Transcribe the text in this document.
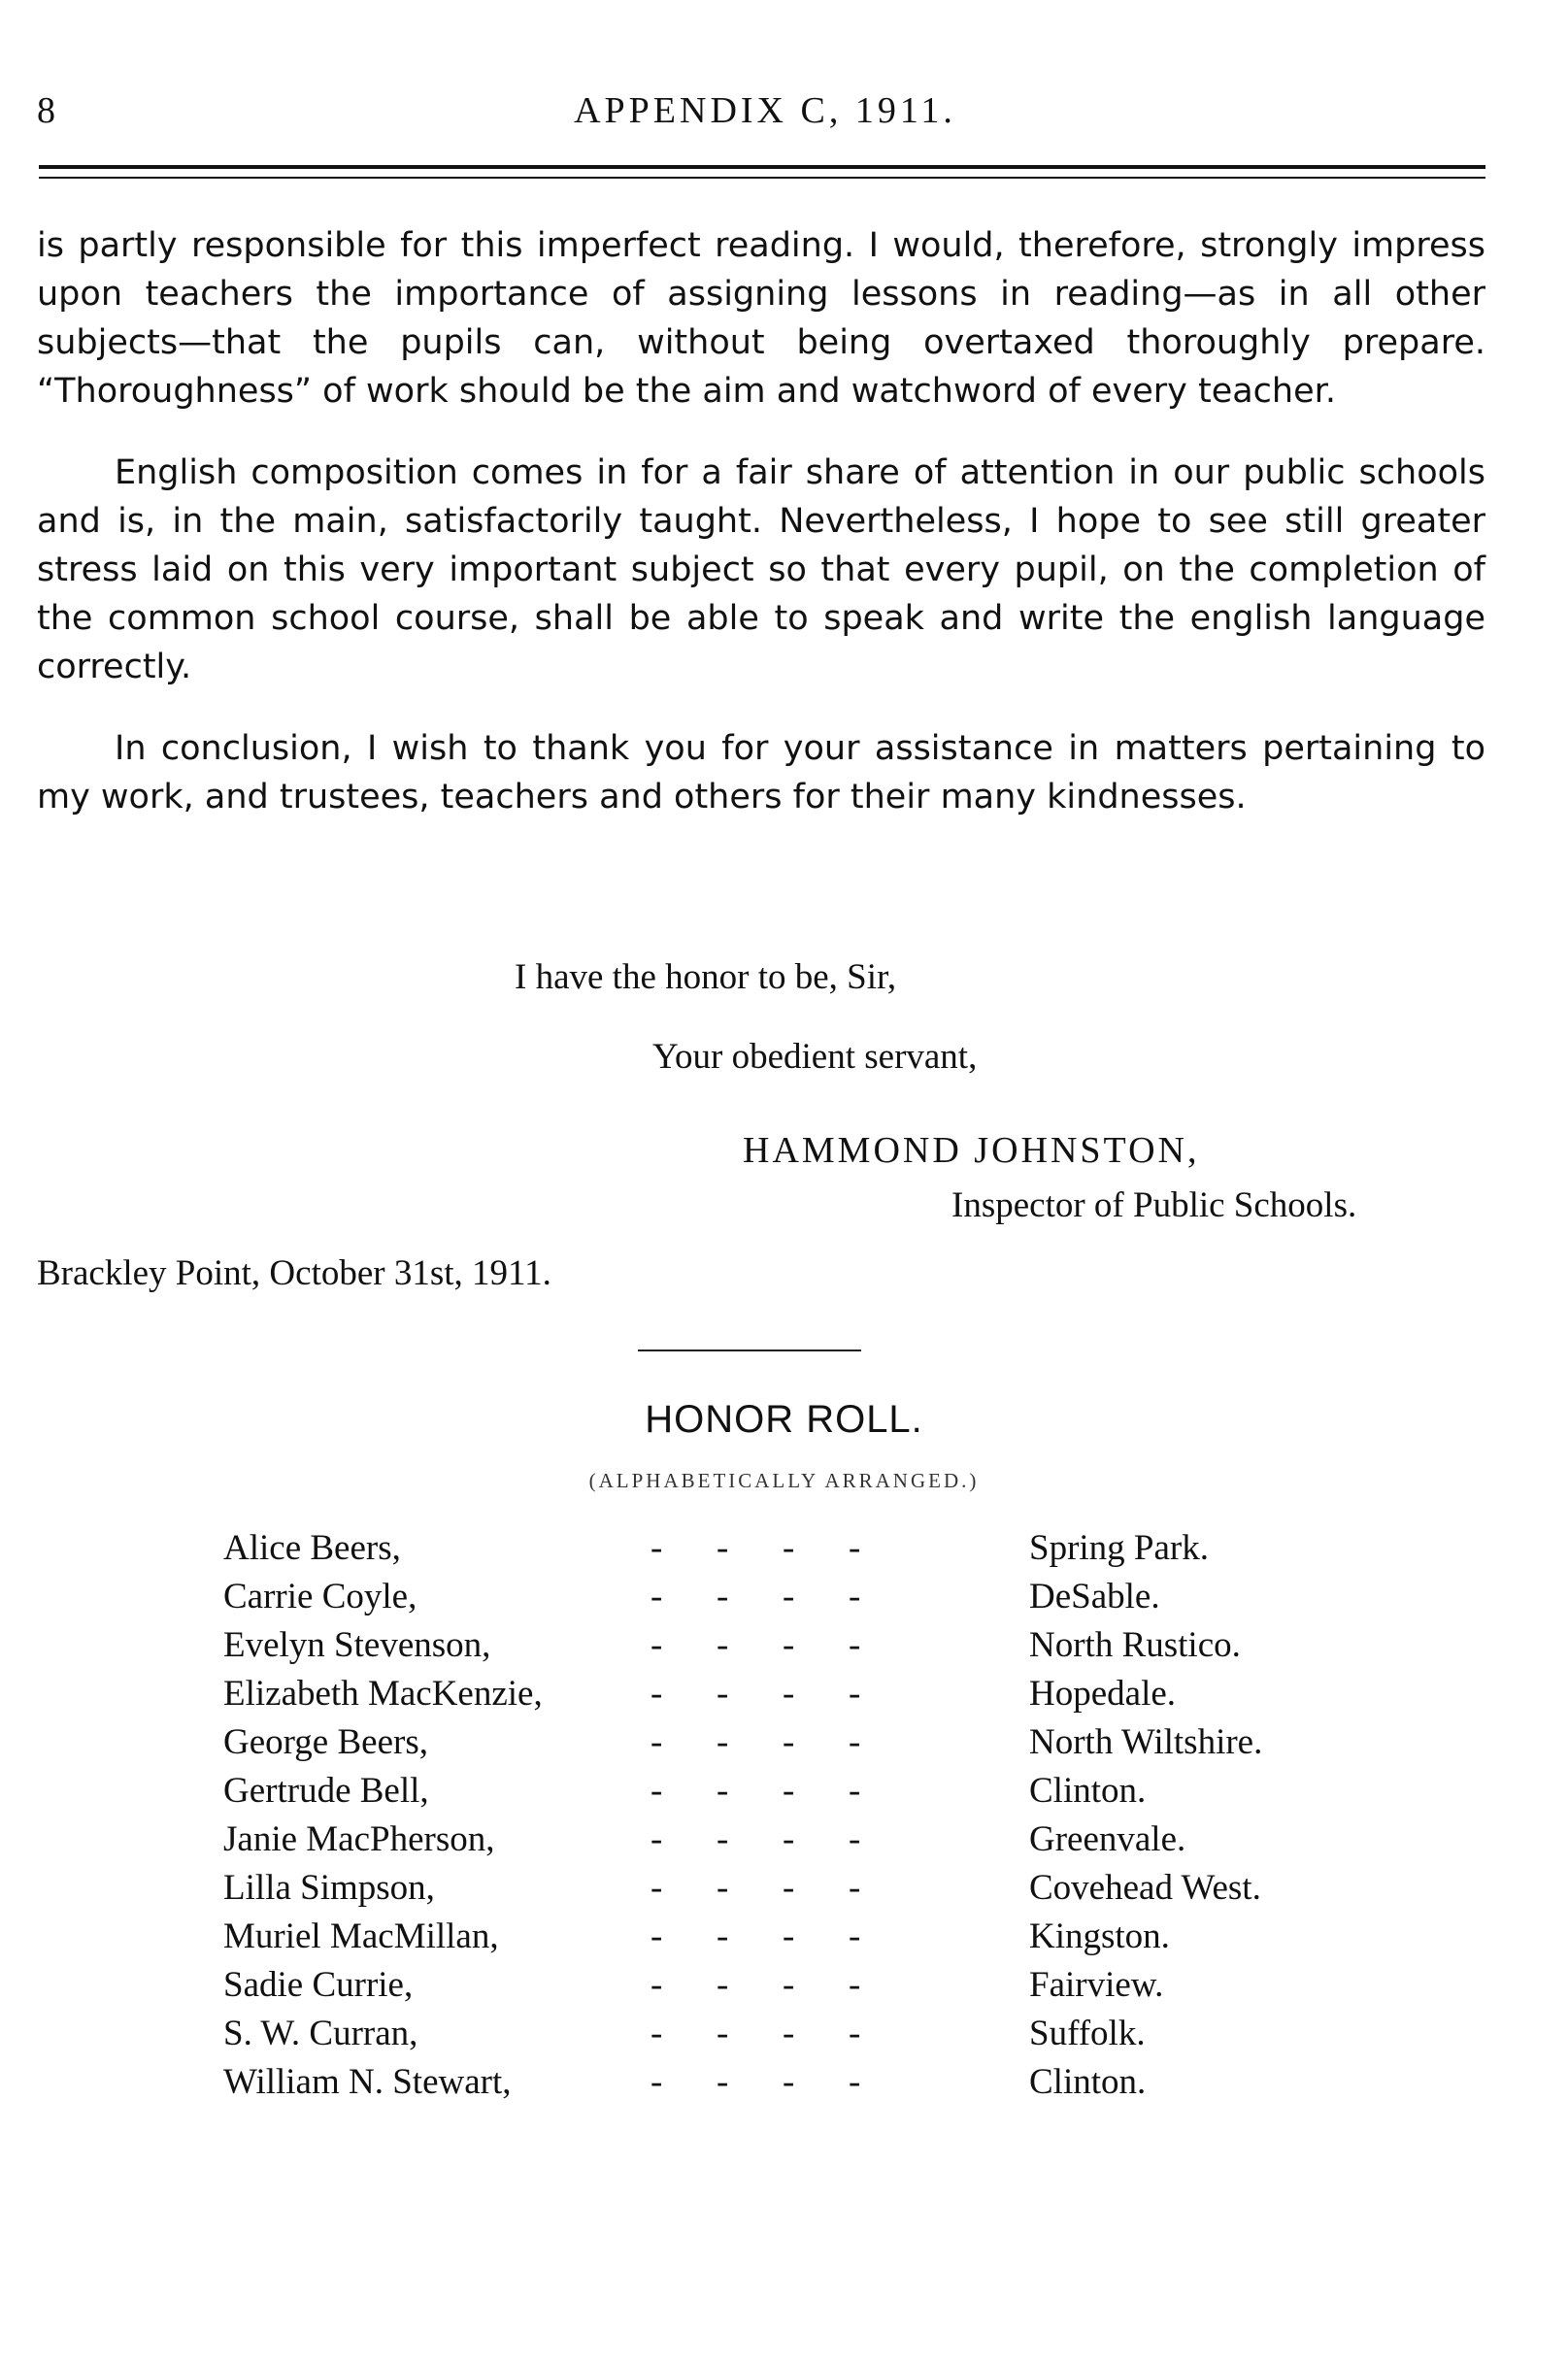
8	APPENDIX C, 1911.

is partly responsible for this imperfect reading. I would, therefore, strongly impress upon teachers the importance of assigning lessons in reading—as in all other subjects—that the pupils can, without being overtaxed thoroughly prepare. “Thoroughness” of work should be the aim and watchword of every teacher.

English composition comes in for a fair share of attention in our public schools and is, in the main, satisfactorily taught. Nevertheless, I hope to see still greater stress laid on this very important subject so that every pupil, on the completion of the common school course, shall be able to speak and write the english language correctly.

In conclusion, I wish to thank you for your assistance in matters pertaining to my work, and trustees, teachers and others for their many kindnesses.

I have the honor to be, Sir,
Your obedient servant,
HAMMOND JOHNSTON,
Inspector of Public Schools.
Brackley Point, October 31st, 1911.
HONOR ROLL.
(ALPHABETICALLY ARRANGED.)
Alice Beers,	- - - -	Spring Park.
Carrie Coyle,	- - - -	DeSable.
Evelyn Stevenson,	- - - -	North Rustico.
Elizabeth MacKenzie,	- - - -	Hopedale.
George Beers,	- - - -	North Wiltshire.
Gertrude Bell,	- - - -	Clinton.
Janie MacPherson,	- - - -	Greenvale.
Lilla Simpson,	- - - -	Covehead West.
Muriel MacMillan,	- - - -	Kingston.
Sadie Currie,	- - - -	Fairview.
S. W. Curran,	- - - -	Suffolk.
William N. Stewart,	- - - -	Clinton.
